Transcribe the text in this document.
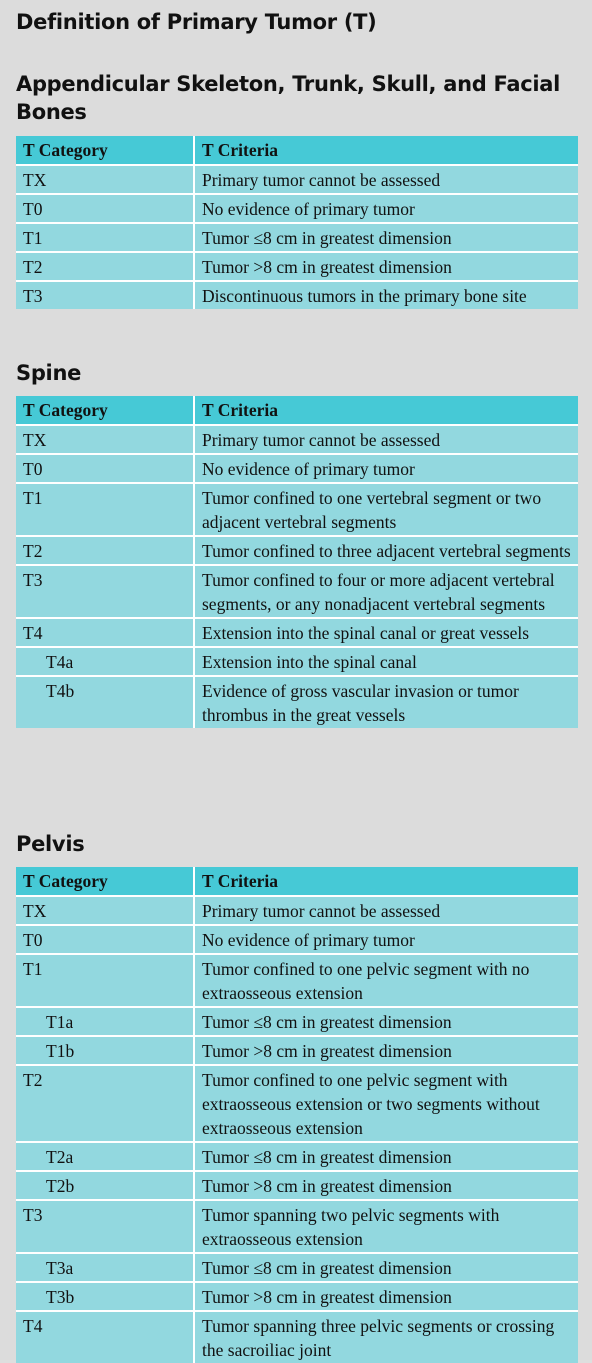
Definition of Primary Tumor (T)
Appendicular Skeleton, Trunk, Skull, and Facial Bones
T Category	T Criteria
TX	Primary tumor cannot be assessed
T0	No evidence of primary tumor
T1	Tumor ≤8 cm in greatest dimension
T2	Tumor >8 cm in greatest dimension
T3	Discontinuous tumors in the primary bone site
Spine
T Category	T Criteria
TX	Primary tumor cannot be assessed
T0	No evidence of primary tumor
T1	Tumor confined to one vertebral segment or two adjacent vertebral segments
T2	Tumor confined to three adjacent vertebral segments
T3	Tumor confined to four or more adjacent vertebral segments, or any nonadjacent vertebral segments
T4	Extension into the spinal canal or great vessels
T4a	Extension into the spinal canal
T4b	Evidence of gross vascular invasion or tumor thrombus in the great vessels
Pelvis
T Category	T Criteria
TX	Primary tumor cannot be assessed
T0	No evidence of primary tumor
T1	Tumor confined to one pelvic segment with no extraosseous extension
T1a	Tumor ≤8 cm in greatest dimension
T1b	Tumor >8 cm in greatest dimension
T2	Tumor confined to one pelvic segment with extraosseous extension or two segments without extraosseous extension
T2a	Tumor ≤8 cm in greatest dimension
T2b	Tumor >8 cm in greatest dimension
T3	Tumor spanning two pelvic segments with extraosseous extension
T3a	Tumor ≤8 cm in greatest dimension
T3b	Tumor >8 cm in greatest dimension
T4	Tumor spanning three pelvic segments or crossing the sacroiliac joint
